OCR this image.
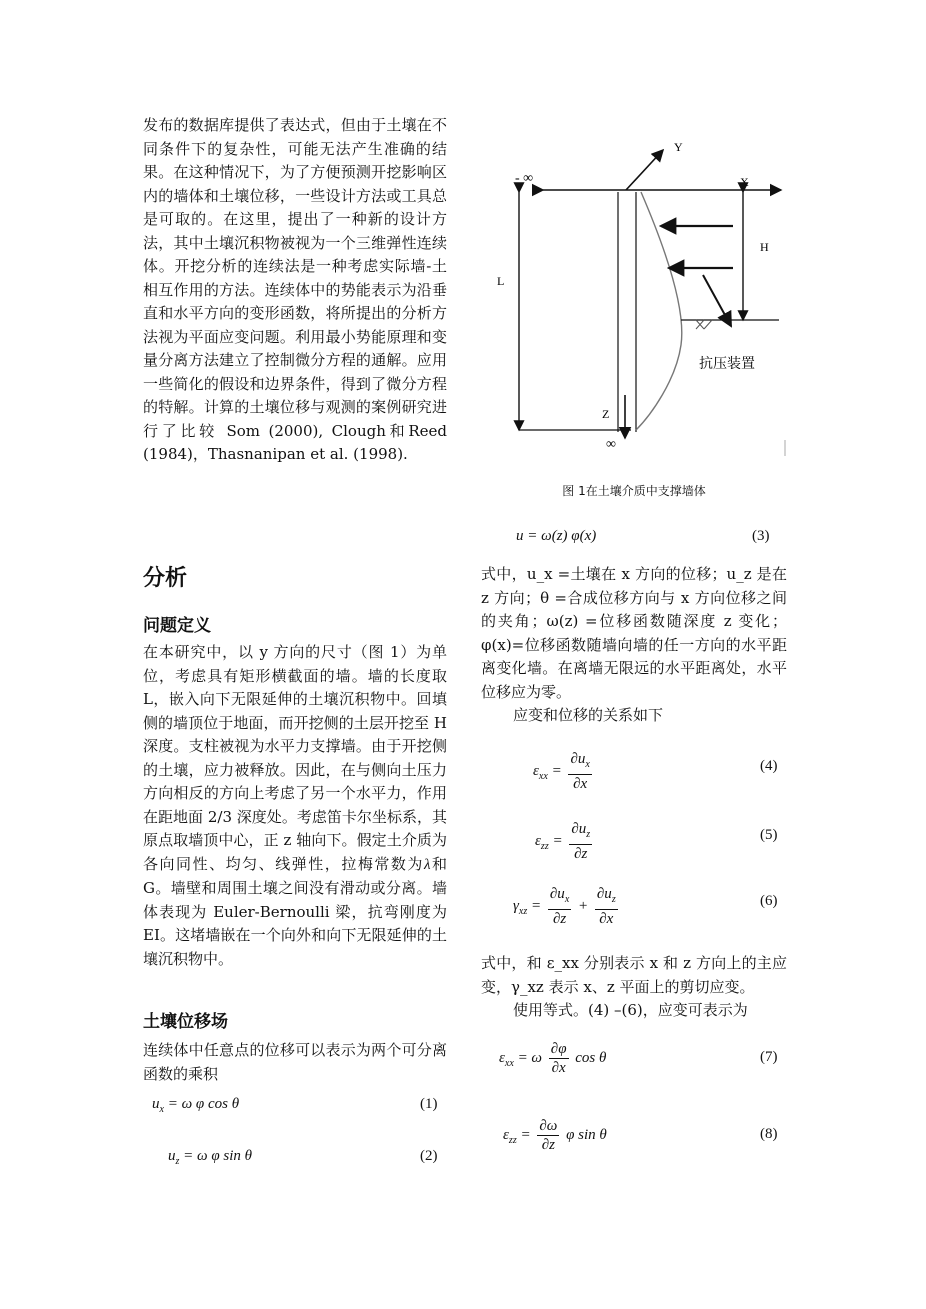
发布的数据库提供了表达式，但由于土壤在不同条件下的复杂性，可能无法产生准确的结果。在这种情况下，为了方便预测开挖影响区内的墙体和土壤位移，一些设计方法或工具总是可取的。在这里，提出了一种新的设计方法，其中土壤沉积物被视为一个三维弹性连续体。开挖分析的连续法是一种考虑实际墙-土相互作用的方法。连续体中的势能表示为沿垂直和水平方向的变形函数，将所提出的分析方法视为平面应变问题。利用最小势能原理和变量分离方法建立了控制微分方程的通解。应用一些简化的假设和边界条件，得到了微分方程的特解。计算的土壤位移与观测的案例研究进行了比较 Som (2000), Clough和Reed (1984)，Thasnanipan et al. (1998).

分析
问题定义

在本研究中，以 y 方向的尺寸（图 1）为单位，考虑具有矩形横截面的墙。墙的长度取 L，嵌入向下无限延伸的土壤沉积物中。回填侧的墙顶位于地面，而开挖侧的土层开挖至 H 深度。支柱被视为水平力支撑墙。由于开挖侧的土壤，应力被释放。因此，在与侧向土压力方向相反的方向上考虑了另一个水平力，作用在距地面 2/3 深度处。考虑笛卡尔坐标系，其原点取墙顶中心，正 z 轴向下。假定土介质为各向同性、均匀、线弹性，拉梅常数为λ和 G。墙壁和周围土壤之间没有滑动或分离。墙体表现为 Euler-Bernoulli 梁，抗弯刚度为 EI。这堵墙嵌在一个向外和向下无限延伸的土壤沉积物中。

土壤位移场

连续体中任意点的位移可以表示为两个可分离函数的乘积

$u_x = \omega$ φ cos θ	(1)
$u_z = \omega$ φ sin θ	(2)
- ∞	X
Y
L
H
抗压装置
Z
∞
图 1在土壤介质中支撑墙体
u = ω(z) φ(x)	(3)

式中，u_x =土壤在 x 方向的位移；u_z 是在 z 方向；θ =合成位移方向与 x 方向位移之间的夹角；ω(z) =位移函数随深度 z 变化；φ(x)=位移函数随墙向墙的任一方向的水平距离变化墙。在离墙无限远的水平距离处，水平位移应为零。

应变和位移的关系如下

$\varepsilon_{xx} = \frac{\partial u_x}{\partial x}$	(4)
$\varepsilon_{zz} = \frac{\partial u_z}{\partial z}$	(5)
$\gamma_{xz} = \frac{\partial u_x}{\partial z} + \frac{\partial u_z}{\partial x}$	(6)

式中，和 ε_xx 分别表示 x 和 z 方向上的主应变，γ_xz 表示 x、z 平面上的剪切应变。

使用等式。(4) –(6)，应变可表示为

$\varepsilon_{xx} = \omega \frac{\partial\varphi}{\partial x}$ cos θ	(7)
$\varepsilon_{zz} = \frac{\partial\omega}{\partial z}$ φ sin θ	(8)
